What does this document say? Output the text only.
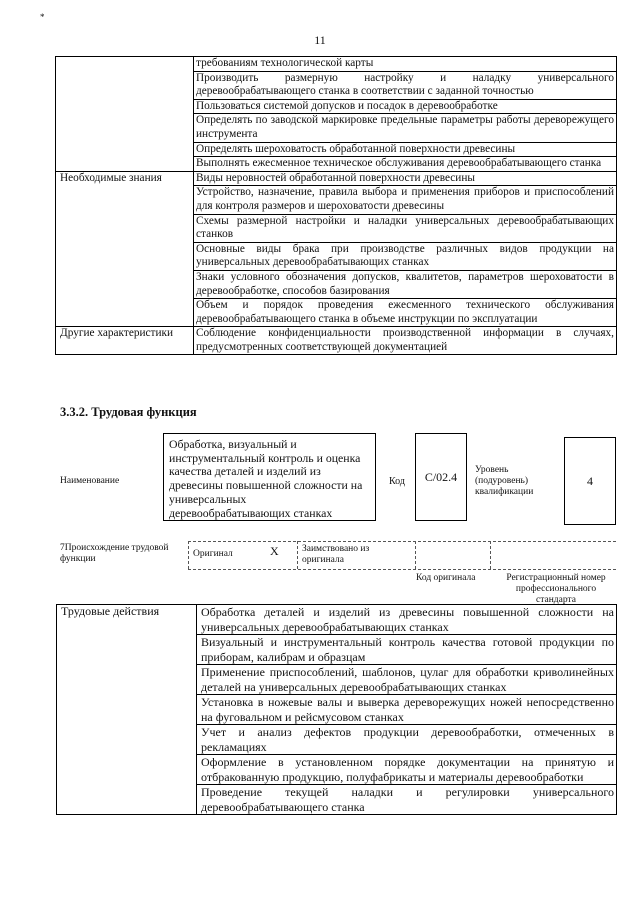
*
11
	требованиям технологической карты
	Производить размерную настройку и наладку универсального деревообрабатывающего станка в соответствии с заданной точностью
	Пользоваться системой допусков и посадок в деревообработке
	Определять по заводской маркировке предельные параметры работы дереворежущего инструмента
	Определять шероховатость обработанной поверхности древесины
	Выполнять ежесменное техническое обслуживания деревообрабатывающего станка
Необходимые знания	Виды неровностей обработанной поверхности древесины
	Устройство, назначение, правила выбора и применения приборов и приспособлений для контроля размеров и шероховатости древесины
	Схемы размерной настройки и наладки универсальных деревообрабатывающих станков
	Основные виды брака при производстве различных видов продукции на универсальных деревообрабатывающих станках
	Знаки условного обозначения допусков, квалитетов, параметров шероховатости в деревообработке, способов базирования
	Объем и порядок проведения ежесменного технического обслуживания деревообрабатывающего станка в объеме инструкции по эксплуатации
Другие характеристики	Соблюдение конфиденциальности производственной информации в случаях, предусмотренных соответствующей документацией
3.3.2. Трудовая функция
Наименование
Обработка, визуальный и инструментальный контроль и оценка качества деталей и изделий из древесины повышенной сложности на универсальных деревообрабатывающих станках
Код C/02.4 Уровень (подуровень) квалификации
4
7Происхождение трудовой функции	Оригинал	X Заимствовано из оригинала
Код оригинала	Регистрационный номер профессионального стандарта
Трудовые действия	Обработка деталей и изделий из древесины повышенной сложности на универсальных деревообрабатывающих станках
Визуальный и инструментальный контроль качества готовой продукции по приборам, калибрам и образцам
Применение приспособлений, шаблонов, цулаг для обработки криволинейных деталей на универсальных деревообрабатывающих станках
Установка в ножевые валы и выверка дереворежущих ножей непосредственно на фуговальном и рейсмусовом станках
Учет и анализ дефектов продукции деревообработки, отмеченных в рекламациях
Оформление в установленном порядке документации на принятую и отбракованную продукцию, полуфабрикаты и материалы деревообработки
Проведение текущей наладки и регулировки универсального деревообрабатывающего станка
